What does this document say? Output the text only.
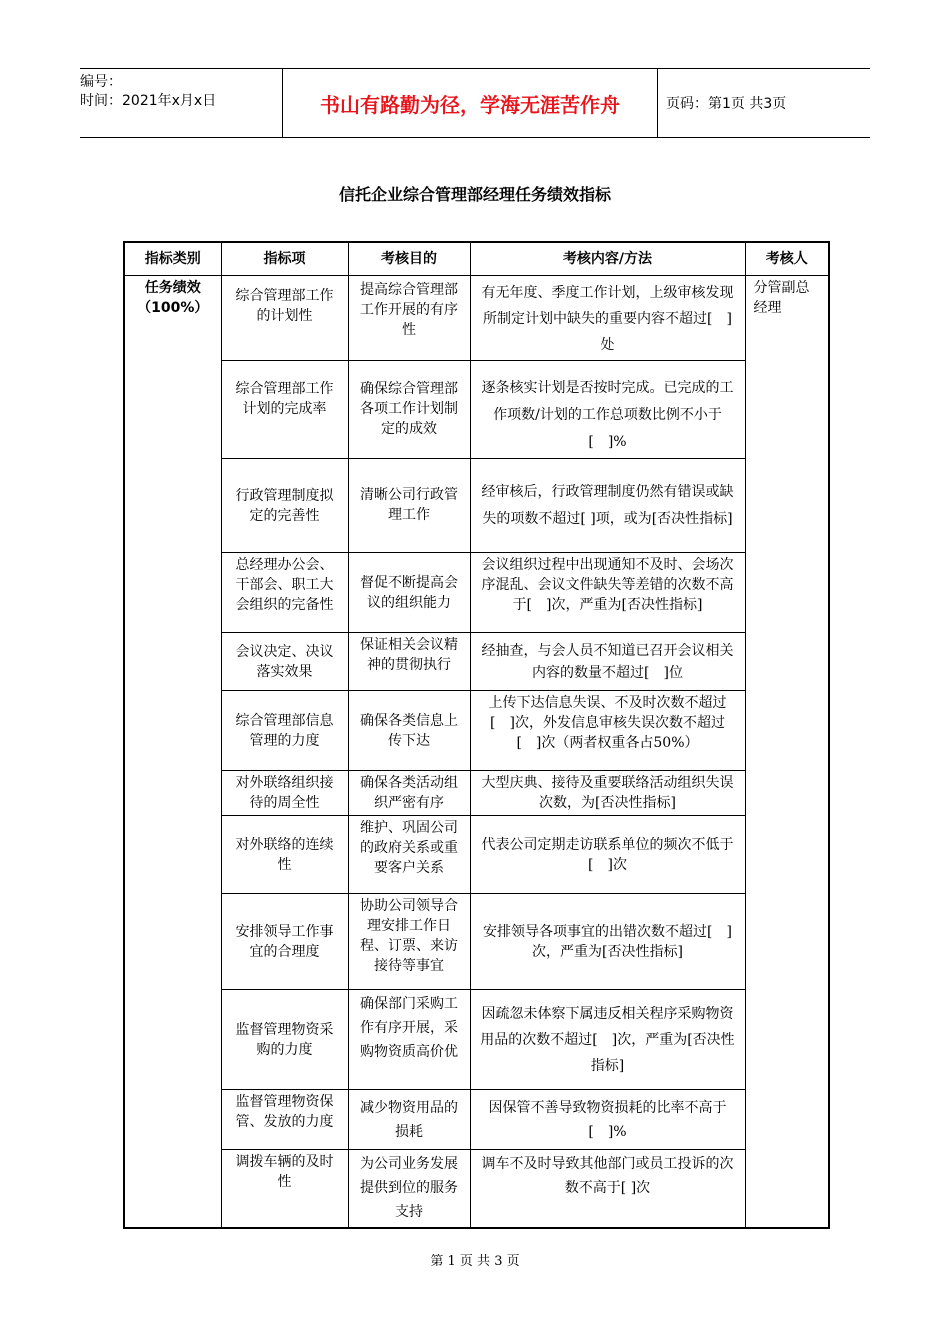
编号：
时间：2021年x月x日	书山有路勤为径，学海无涯苦作舟	页码：第1页 共3页
信托企业综合管理部经理任务绩效指标
指标类别	指标项	考核目的	考核内容/方法	考核人

任务绩效
（100%）	综合管理部工作的计划性	提高综合管理部工作开展的有序性	有无年度、季度工作计划，上级审核发现所制定计划中缺失的重要内容不超过[　]处	分管副总经理
	综合管理部工作计划的完成率	确保综合管理部各项工作计划制定的成效	逐条核实计划是否按时完成。已完成的工作项数/计划的工作总项数比例不小于[　]%	
	行政管理制度拟定的完善性	清晰公司行政管理工作	经审核后，行政管理制度仍然有错误或缺失的项数不超过[ ]项，或为[否决性指标]	
	总经理办公会、干部会、职工大会组织的完备性	督促不断提高会议的组织能力	会议组织过程中出现通知不及时、会场次序混乱、会议文件缺失等差错的次数不高于[　]次，严重为[否决性指标]	
	会议决定、决议落实效果	保证相关会议精神的贯彻执行	经抽查，与会人员不知道已召开会议相关内容的数量不超过[　]位	
	综合管理部信息管理的力度	确保各类信息上传下达	上传下达信息失误、不及时次数不超过[　]次，外发信息审核失误次数不超过[　]次（两者权重各占50%）	
	对外联络组织接待的周全性	确保各类活动组织严密有序	大型庆典、接待及重要联络活动组织失误次数，为[否决性指标]	
	对外联络的连续性	维护、巩固公司的政府关系或重要客户关系	代表公司定期走访联系单位的频次不低于[　]次	
	安排领导工作事宜的合理度	协助公司领导合理安排工作日程、订票、来访接待等事宜	安排领导各项事宜的出错次数不超过[　]次，严重为[否决性指标]	
	监督管理物资采购的力度	确保部门采购工作有序开展，采购物资质高价优	因疏忽未体察下属违反相关程序采购物资用品的次数不超过[　]次，严重为[否决性指标]	
	监督管理物资保管、发放的力度	减少物资用品的损耗	因保管不善导致物资损耗的比率不高于[　]%	
	调拨车辆的及时性	为公司业务发展提供到位的服务支持	调车不及时导致其他部门或员工投诉的次数不高于[ ]次	
第 1 页 共 3 页
